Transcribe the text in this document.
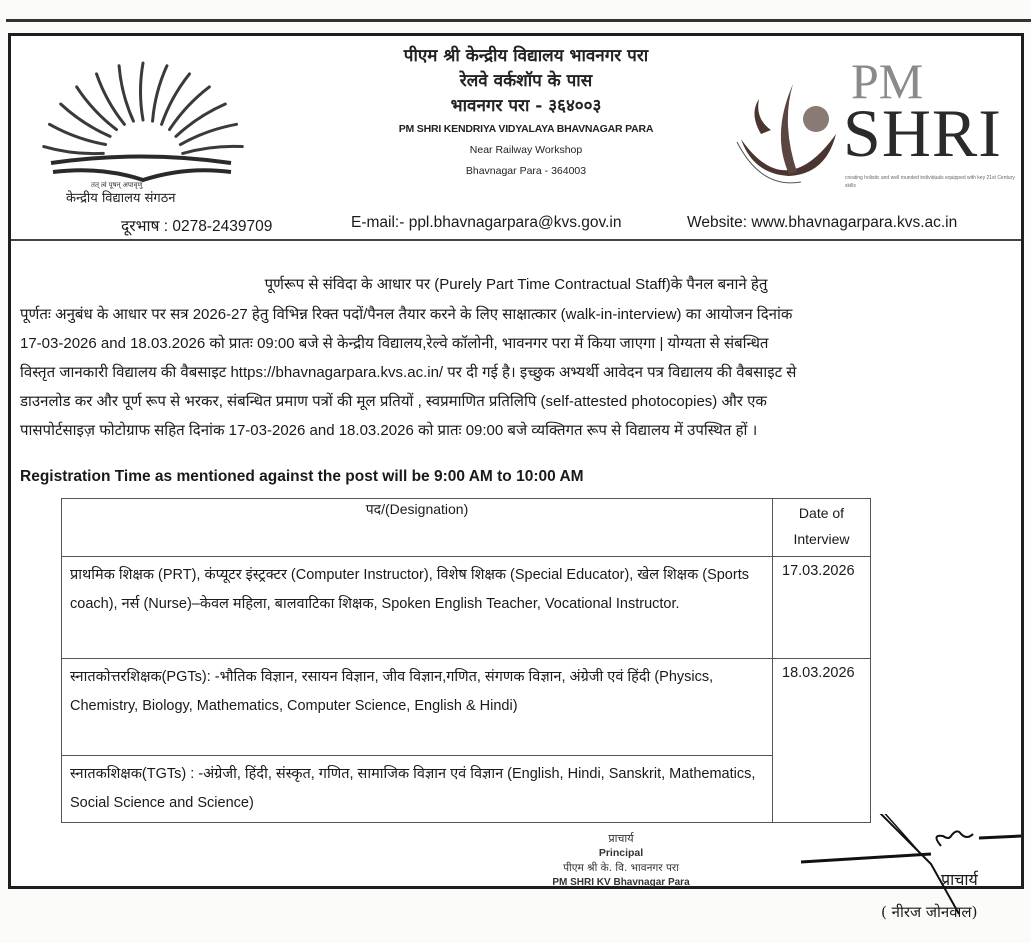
तत् त्वं पूषन् अपावृणु
केन्द्रीय विद्यालय संगठन
पीएम श्री केन्द्रीय विद्यालय भावनगर परा
रेलवे वर्कशॉप के पास
भावनगर परा - ३६४००३
PM SHRI KENDRIYA VIDYALAYA BHAVNAGAR PARA
Near Railway Workshop
Bhavnagar Para - 364003
PM
SHRI
creating holistic and well rounded individuals equipped with key 21st Century skills
दूरभाष : 0278-2439709	E-mail:- ppl.bhavnagarpara@kvs.gov.in	Website: www.bhavnagarpara.kvs.ac.in
पूर्णरूप से संविदा के आधार पर (Purely Part Time Contractual Staff)के पैनल बनाने हेतु

पूर्णतः अनुबंध के आधार पर सत्र 2026-27 हेतु विभिन्न रिक्त पदों/पैनल तैयार करने के लिए साक्षात्कार (walk-in-interview) का आयोजन दिनांक

17-03-2026 and 18.03.2026 को प्रातः 09:00 बजे से केन्द्रीय विद्यालय,रेल्वे कॉलोनी, भावनगर परा में किया जाएगा | योग्यता से संबन्धित

विस्तृत जानकारी विद्यालय की वैबसाइट https://bhavnagarpara.kvs.ac.in/ पर दी गई है। इच्छुक अभ्यर्थी आवेदन पत्र विद्यालय की वैबसाइट से

डाउनलोड कर और पूर्ण रूप से भरकर, संबन्धित प्रमाण पत्रों की मूल प्रतियों , स्वप्रमाणित प्रतिलिपि (self-attested photocopies) और एक

पासपोर्टसाइज़ फोटोग्राफ सहित दिनांक 17-03-2026 and 18.03.2026 को प्रातः 09:00 बजे व्यक्तिगत रूप से विद्यालय में उपस्थित हों ।

Registration Time as mentioned against the post will be 9:00 AM to 10:00 AM
पद/(Designation)	Date of
Interview

प्राथमिक शिक्षक (PRT), कंप्यूटर इंस्ट्रक्टर (Computer Instructor), विशेष शिक्षक (Special Educator), खेल शिक्षक (Sports coach), नर्स (Nurse)–केवल महिला, बालवाटिका शिक्षक, Spoken English Teacher, Vocational Instructor.	17.03.2026
स्नातकोत्तरशिक्षक(PGTs): -भौतिक विज्ञान, रसायन विज्ञान, जीव विज्ञान,गणित, संगणक विज्ञान, अंग्रेजी एवं हिंदी (Physics, Chemistry, Biology, Mathematics, Computer Science, English & Hindi)	18.03.2026
स्नातकशिक्षक(TGTs) : -अंग्रेजी, हिंदी, संस्कृत, गणित, सामाजिक विज्ञान एवं विज्ञान (English, Hindi, Sanskrit, Mathematics, Social Science and Science)	
प्राचार्य
Principal
पीएम श्री के. वि. भावनगर परा
PM SHRI KV Bhavnagar Para	प्राचार्य
( नीरज जोनवाल)
